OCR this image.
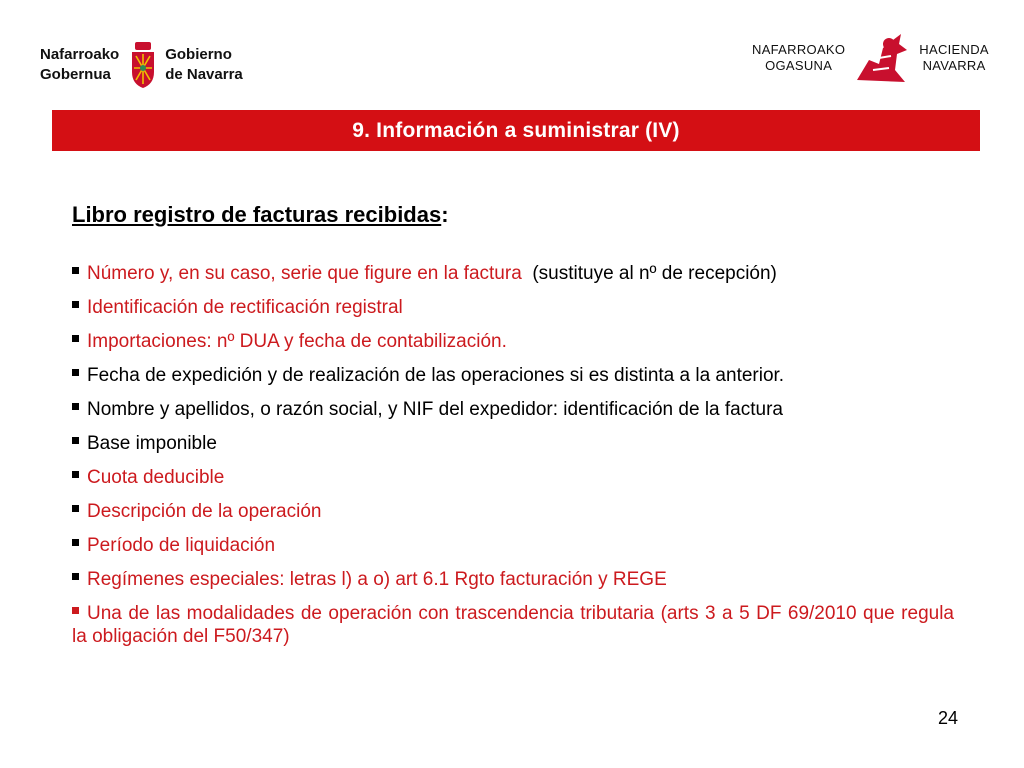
Nafarroako
Gobernua
Gobierno
de Navarra
NAFARROAKO
OGASUNA
HACIENDA
NAVARRA
9. Información a suministrar (IV)
Libro registro de facturas recibidas:
Número y, en su caso, serie que figure en la factura  (sustituye al nº de recepción)
Identificación de rectificación registral
Importaciones: nº DUA y fecha de contabilización.
Fecha de expedición y de realización de las operaciones si es distinta a la anterior.
Nombre y apellidos, o razón social, y NIF del expedidor: identificación de la factura
Base imponible
Cuota deducible
Descripción de la operación
Período de liquidación
Regímenes especiales: letras l) a o) art 6.1 Rgto facturación y REGE
Una de las modalidades de operación con trascendencia tributaria (arts 3 a 5 DF 69/2010 que regula la obligación del F50/347)
24
